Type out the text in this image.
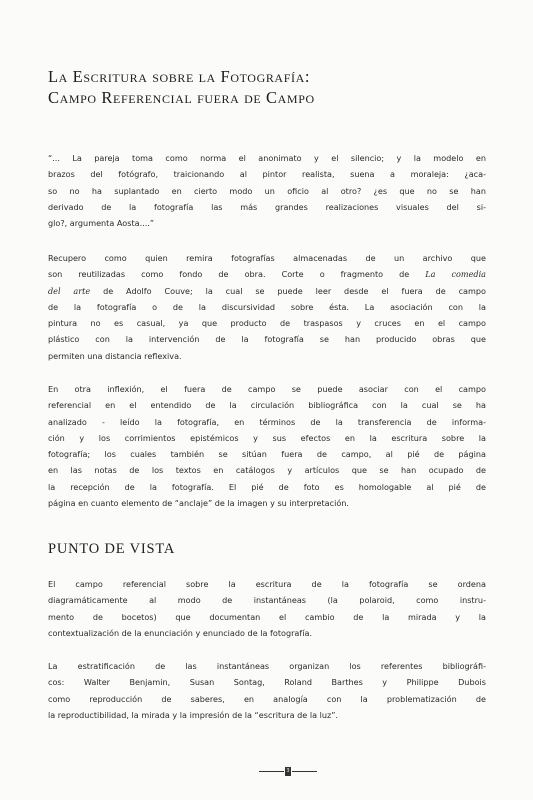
La Escritura sobre la Fotografía:
Campo Referencial fuera de Campo
“... La pareja toma como norma el anonimato y el silencio; y la modelo en
brazos del fotógrafo, traicionando al pintor realista, suena a moraleja: ¿aca-
so no ha suplantado en cierto modo un oficio al otro? ¿es que no se han
derivado de la fotografía las más grandes realizaciones visuales del si-
glo?, argumenta Aosta....”
Recupero como quien remira fotografías almacenadas de un archivo que
son reutilizadas como fondo de obra. Corte o fragmento de La comedia
del arte de Adolfo Couve; la cual se puede leer desde el fuera de campo
de la fotografía o de la discursividad sobre ésta. La asociación con la
pintura no es casual, ya que producto de traspasos y cruces en el campo
plástico con la intervención de la fotografía se han producido obras que
permiten una distancia reflexiva.
En otra inflexión, el fuera de campo se puede asociar con el campo
referencial en el entendido de la circulación bibliográfica con la cual se ha
analizado - leído la fotografía, en términos de la transferencia de informa-
ción y los corrimientos epistémicos y sus efectos en la escritura sobre la
fotografía; los cuales también se sitúan fuera de campo, al pié de página
en las notas de los textos en catálogos y artículos que se han ocupado de
la recepción de la fotografía. El pié de foto es homologable al pié de
página en cuanto elemento de “anclaje” de la imagen y su interpretación.
PUNTO DE VISTA
El campo referencial sobre la escritura de la fotografía se ordena
diagramáticamente al modo de instantáneas (la polaroid, como instru-
mento de bocetos) que documentan el cambio de la mirada y la
contextualización de la enunciación y enunciado de la fotografía.
La estratificación de las instantáneas organizan los referentes bibliográfi-
cos: Walter Benjamin, Susan Sontag, Roland Barthes y Philippe Dubois
como reproducción de saberes, en analogía con la problematización de
la reproductibilidad, la mirada y la impresión de la “escritura de la luz”.
3
